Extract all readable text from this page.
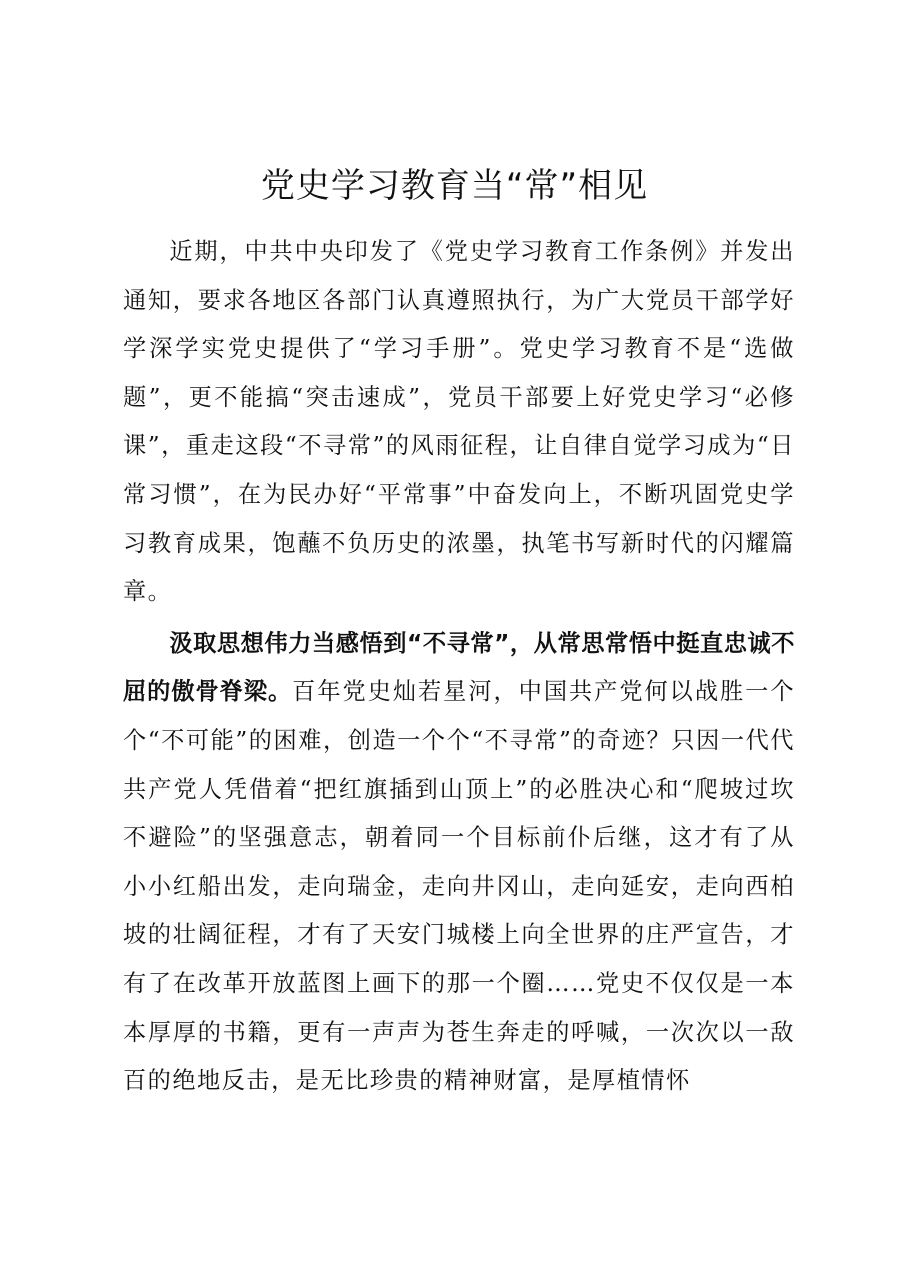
党史学习教育当“常”相见

近期，中共中央印发了《党史学习教育工作条例》并发出通知，要求各地区各部门认真遵照执行，为广大党员干部学好学深学实党史提供了“学习手册”。党史学习教育不是“选做题”，更不能搞“突击速成”，党员干部要上好党史学习“必修课”，重走这段“不寻常”的风雨征程，让自律自觉学习成为“日常习惯”，在为民办好“平常事”中奋发向上，不断巩固党史学习教育成果，饱蘸不负历史的浓墨，执笔书写新时代的闪耀篇章。

汲取思想伟力当感悟到“不寻常”，从常思常悟中挺直忠诚不屈的傲骨脊梁。百年党史灿若星河，中国共产党何以战胜一个个“不可能”的困难，创造一个个“不寻常”的奇迹？只因一代代共产党人凭借着“把红旗插到山顶上”的必胜决心和“爬坡过坎不避险”的坚强意志，朝着同一个目标前仆后继，这才有了从小小红船出发，走向瑞金，走向井冈山，走向延安，走向西柏坡的壮阔征程，才有了天安门城楼上向全世界的庄严宣告，才有了在改革开放蓝图上画下的那一个圈……党史不仅仅是一本本厚厚的书籍，更有一声声为苍生奔走的呼喊，一次次以一敌百的绝地反击，是无比珍贵的精神财富，是厚植情怀
